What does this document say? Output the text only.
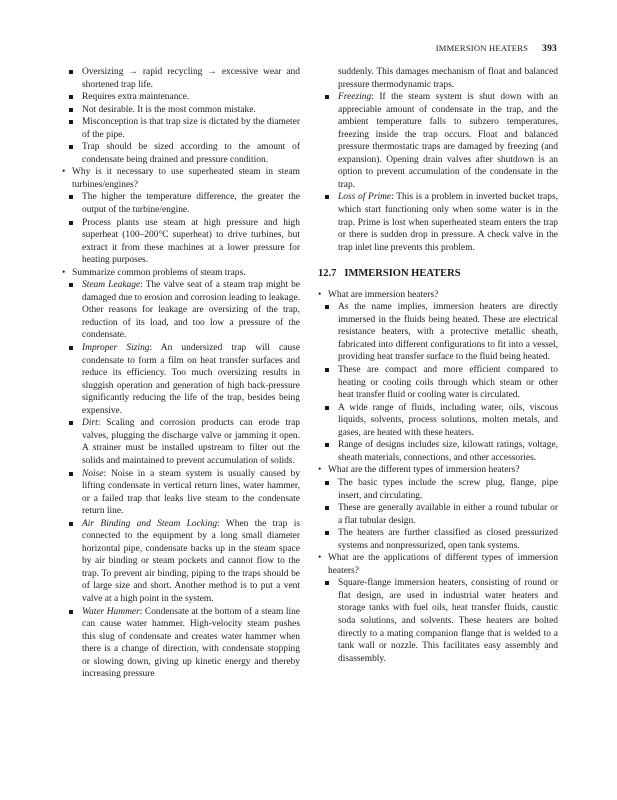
IMMERSION HEATERS 393
Oversizing → rapid recycling → excessive wear and shortened trap life.
Requires extra maintenance.
Not desirable. It is the most common mistake.
Misconception is that trap size is dictated by the diameter of the pipe.
Trap should be sized according to the amount of condensate being drained and pressure condition.
• Why is it necessary to use superheated steam in steam turbines/engines?
The higher the temperature difference, the greater the output of the turbine/engine.
Process plants use steam at high pressure and high superheat (100–200°C superheat) to drive turbines, but extract it from these machines at a lower pressure for heating purposes.
• Summarize common problems of steam traps.
Steam Leakage: The valve seat of a steam trap might be damaged due to erosion and corrosion leading to leakage. Other reasons for leakage are oversizing of the trap, reduction of its load, and too low a pressure of the condensate.
Improper Sizing: An undersized trap will cause condensate to form a film on heat transfer surfaces and reduce its efficiency. Too much oversizing results in sluggish operation and generation of high back-pressure significantly reducing the life of the trap, besides being expensive.
Dirt: Scaling and corrosion products can erode trap valves, plugging the discharge valve or jamming it open. A strainer must be installed upstream to filter out the solids and maintained to prevent accumulation of solids.
Noise: Noise in a steam system is usually caused by lifting condensate in vertical return lines, water hammer, or a failed trap that leaks live steam to the condensate return line.
Air Binding and Steam Locking: When the trap is connected to the equipment by a long small diameter horizontal pipe, condensate backs up in the steam space by air binding or steam pockets and cannot flow to the trap. To prevent air binding, piping to the traps should be of large size and short. Another method is to put a vent valve at a high point in the system.
Water Hammer: Condensate at the bottom of a steam line can cause water hammer. High-velocity steam pushes this slug of condensate and creates water hammer when there is a change of direction, with condensate stopping or slowing down, giving up kinetic energy and thereby increasing pressure
suddenly. This damages mechanism of float and balanced pressure thermodynamic traps.
Freezing: If the steam system is shut down with an appreciable amount of condensate in the trap, and the ambient temperature falls to subzero temperatures, freezing inside the trap occurs. Float and balanced pressure thermostatic traps are damaged by freezing (and expansion). Opening drain valves after shutdown is an option to prevent accumulation of the condensate in the trap.
Loss of Prime: This is a problem in inverted bucket traps, which start functioning only when some water is in the trap. Prime is lost when superheated steam enters the trap or there is sudden drop in pressure. A check valve in the trap inlet line prevents this problem.
12.7 IMMERSION HEATERS
• What are immersion heaters?
As the name implies, immersion heaters are directly immersed in the fluids being heated. These are electrical resistance heaters, with a protective metallic sheath, fabricated into different configurations to fit into a vessel, providing heat transfer surface to the fluid being heated.
These are compact and more efficient compared to heating or cooling coils through which steam or other heat transfer fluid or cooling water is circulated.
A wide range of fluids, including water, oils, viscous liquids, solvents, process solutions, molten metals, and gases, are heated with these heaters.
Range of designs includes size, kilowatt ratings, voltage, sheath materials, connections, and other accessories.
• What are the different types of immersion heaters?
The basic types include the screw plug, flange, pipe insert, and circulating.
These are generally available in either a round tubular or a flat tubular design.
The heaters are further classified as closed pressurized systems and nonpressurized, open tank systems.
• What are the applications of different types of immersion heaters?
Square-flange immersion heaters, consisting of round or flat design, are used in industrial water heaters and storage tanks with fuel oils, heat transfer fluids, caustic soda solutions, and solvents. These heaters are bolted directly to a mating companion flange that is welded to a tank wall or nozzle. This facilitates easy assembly and disassembly.
